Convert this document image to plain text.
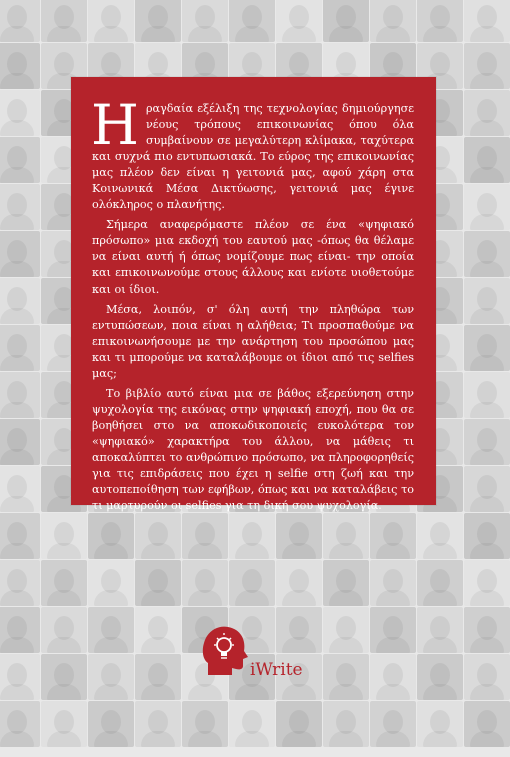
Η ραγδαία εξέλιξη της τεχνολογίας δημιούργησε νέους τρόπους επικοινωνίας όπου όλα συμβαίνουν σε μεγαλύτερη κλίμακα, ταχύτερα και συχνά πιο εντυπωσιακά. Το εύρος της επικοινωνίας μας πλέον δεν είναι η γειτονιά μας, αφού χάρη στα Κοινωνικά Μέσα Δικτύωσης, γειτονιά μας έγινε ολόκληρος ο πλανήτης.

Σήμερα αναφερόμαστε πλέον σε ένα «ψηφιακό πρόσωπο» μια εκδοχή του εαυτού μας -όπως θα θέλαμε να είναι αυτή ή όπως νομίζουμε πως είναι- την οποία και επικοινωνούμε στους άλλους και ενίοτε υιοθετούμε και οι ίδιοι.

Μέσα, λοιπόν, σ' όλη αυτή την πληθώρα των εντυπώσεων, ποια είναι η αλήθεια; Τι προσπαθούμε να επικοινωνήσουμε με την ανάρτηση του προσώπου μας και τι μπορούμε να καταλάβουμε οι ίδιοι από τις selfies μας;

Το βιβλίο αυτό είναι μια σε βάθος εξερεύνηση στην ψυχολογία της εικόνας στην ψηφιακή εποχή, που θα σε βοηθήσει στο να αποκωδικοποιείς ευκολότερα τον «ψηφιακό» χαρακτήρα του άλλου, να μάθεις τι αποκαλύπτει το ανθρώπινο πρόσωπο, να πληροφορηθείς για τις επιδράσεις που έχει η selfie στη ζωή και την αυτοπεποίθηση των εφήβων, όπως και να καταλάβεις το τι μαρτυρούν οι selfies για τη δική σου ψυχολογία.

iWrite
